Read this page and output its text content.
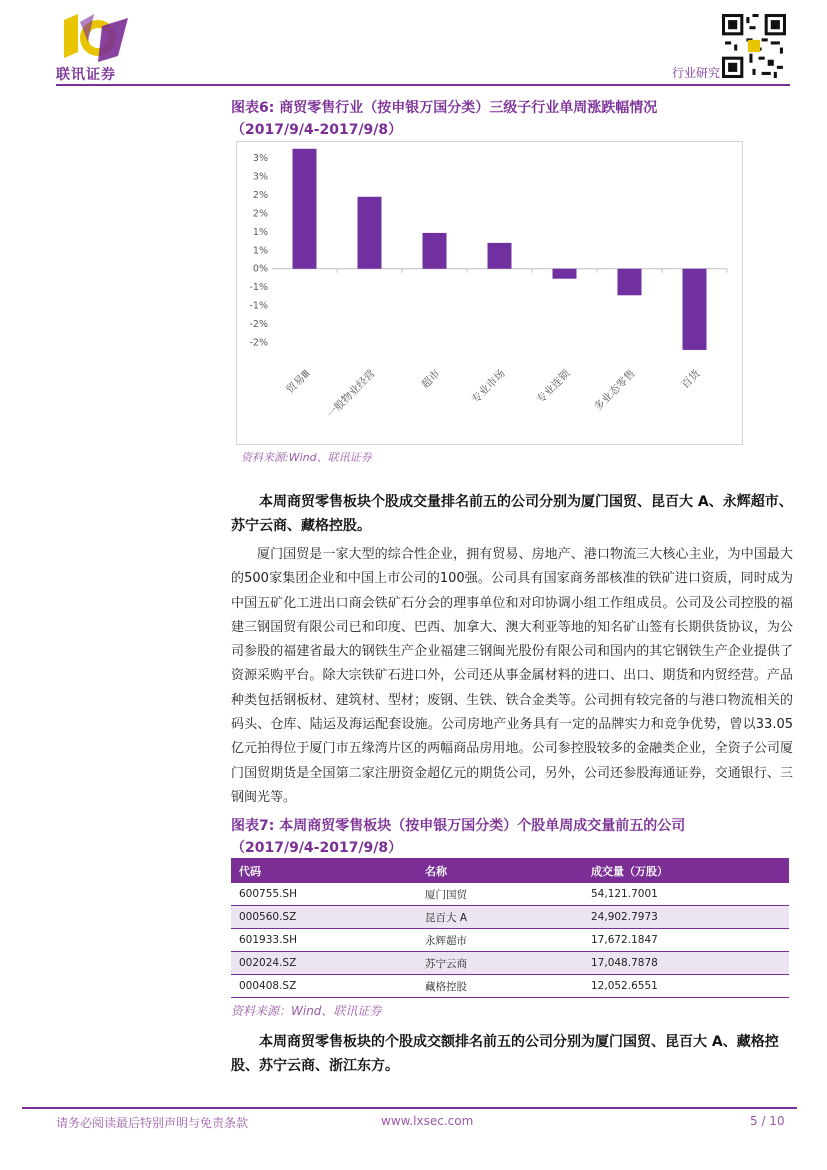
联讯证券	行业研究
图表6: 商贸零售行业（按申银万国分类）三级子行业单周涨跌幅情况
（2017/9/4-2017/9/8）
3%
3%
2%
2%
1%
1%
0%
-1%
-1%
-2%
-2%
贸易Ⅲ 一般物业经营	超市	专业市场	专业连锁 多业态零售	百货
资料来源:Wind、联讯证券
本周商贸零售板块个股成交量排名前五的公司分别为厦门国贸、昆百大 A、永辉超市、苏宁云商、藏格控股。
厦门国贸是一家大型的综合性企业，拥有贸易、房地产、港口物流三大核心主业，为中国最大的500家集团企业和中国上市公司的100强。公司具有国家商务部核准的铁矿进口资质，同时成为中国五矿化工进出口商会铁矿石分会的理事单位和对印协调小组工作组成员。公司及公司控股的福建三钢国贸有限公司已和印度、巴西、加拿大、澳大利亚等地的知名矿山签有长期供货协议，为公司参股的福建省最大的钢铁生产企业福建三钢闽光股份有限公司和国内的其它钢铁生产企业提供了资源采购平台。除大宗铁矿石进口外，公司还从事金属材料的进口、出口、期货和内贸经营。产品种类包括钢板材、建筑材、型材；废钢、生铁、铁合金类等。公司拥有较完备的与港口物流相关的码头、仓库、陆运及海运配套设施。公司房地产业务具有一定的品牌实力和竞争优势，曾以33.05亿元拍得位于厦门市五缘湾片区的两幅商品房用地。公司参控股较多的金融类企业，全资子公司厦门国贸期货是全国第二家注册资金超亿元的期货公司，另外，公司还参股海通证券，交通银行、三钢闽光等。
图表7: 本周商贸零售板块（按申银万国分类）个股单周成交量前五的公司
（2017/9/4-2017/9/8）
代码	名称	成交量（万股）
600755.SH	厦门国贸	54,121.7001
000560.SZ	昆百大 A	24,902.7973
601933.SH	永辉超市	17,672.1847
002024.SZ	苏宁云商	17,048.7878
000408.SZ	藏格控股	12,052.6551
资料来源：Wind、联讯证券
本周商贸零售板块的个股成交额排名前五的公司分别为厦门国贸、昆百大 A、藏格控股、苏宁云商、浙江东方。
请务必阅读最后特别声明与免责条款	www.lxsec.com	5 / 10
